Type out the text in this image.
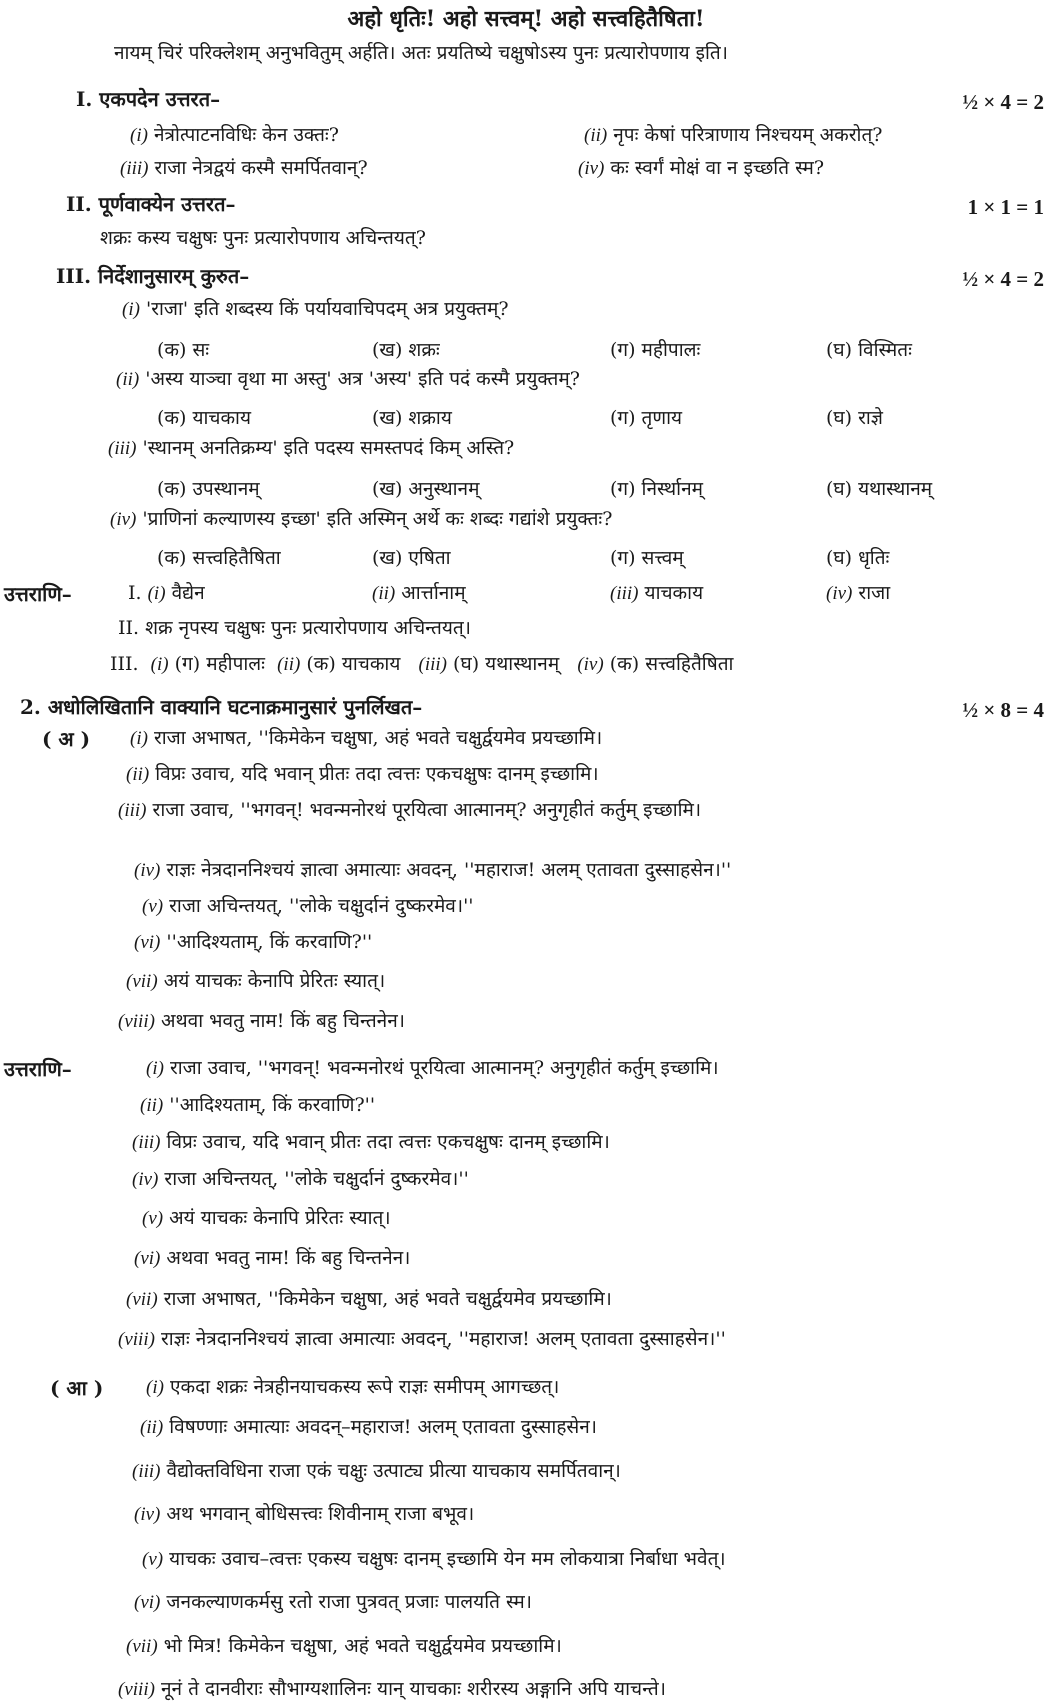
अहो धृतिः! अहो सत्त्वम्! अहो सत्त्वहितैषिता!
नायम् चिरं परिक्लेशम् अनुभवितुम् अर्हति। अतः प्रयतिष्ये चक्षुषोऽस्य पुनः प्रत्यारोपणाय इति।
I. एकपदेन उत्तरत–	½ × 4 = 2
(i) नेत्रोत्पाटनविधिः केन उक्तः?	(ii) नृपः केषां परित्राणाय निश्चयम् अकरोत्?
(iii) राजा नेत्रद्वयं कस्मै समर्पितवान्?	(iv) कः स्वर्गं मोक्षं वा न इच्छति स्म?
II. पूर्णवाक्येन उत्तरत–	1 × 1 = 1
शक्रः कस्य चक्षुषः पुनः प्रत्यारोपणाय अचिन्तयत्?
III. निर्देशानुसारम् कुरुत–	½ × 4 = 2
(i) 'राजा' इति शब्दस्य किं पर्यायवाचिपदम् अत्र प्रयुक्तम्?
(क) सः	(ख) शक्रः	(ग) महीपालः	(घ) विस्मितः
(ii) 'अस्य याञ्चा वृथा मा अस्तु' अत्र 'अस्य' इति पदं कस्मै प्रयुक्तम्?
(क) याचकाय	(ख) शक्राय	(ग) तृणाय	(घ) राज्ञे
(iii) 'स्थानम् अनतिक्रम्य' इति पदस्य समस्तपदं किम् अस्ति?
(क) उपस्थानम्	(ख) अनुस्थानम्	(ग) निर्स्थानम्	(घ) यथास्थानम्
(iv) 'प्राणिनां कल्याणस्य इच्छा' इति अस्मिन् अर्थे कः शब्दः गद्यांशे प्रयुक्तः?
(क) सत्त्वहितैषिता	(ख) एषिता	(ग) सत्त्वम्	(घ) धृतिः
उत्तराणि–	I. (i) वैद्येन	(ii) आर्त्तानाम्	(iii) याचकाय	(iv) राजा
II. शक्र नृपस्य चक्षुषः पुनः प्रत्यारोपणाय अचिन्तयत्।
III. (i) (ग) महीपालः (ii) (क) याचकाय (iii) (घ) यथास्थानम् (iv) (क) सत्त्वहितैषिता
2. अधोलिखितानि वाक्यानि घटनाक्रमानुसारं पुनर्लिखत–	½ × 8 = 4
( अ ) (i) राजा अभाषत, ''किमेकेन चक्षुषा, अहं भवते चक्षुर्द्वयमेव प्रयच्छामि।
(ii) विप्रः उवाच, यदि भवान् प्रीतः तदा त्वत्तः एकचक्षुषः दानम् इच्छामि।
(iii) राजा उवाच, ''भगवन्! भवन्मनोरथं पूरयित्वा आत्मानम्? अनुगृहीतं कर्तुम् इच्छामि।
(iv) राज्ञः नेत्रदाननिश्चयं ज्ञात्वा अमात्याः अवदन्, ''महाराज! अलम् एतावता दुस्साहसेन।''
(v) राजा अचिन्तयत्, ''लोके चक्षुर्दानं दुष्करमेव।''
(vi) ''आदिश्यताम्, किं करवाणि?''
(vii) अयं याचकः केनापि प्रेरितः स्यात्।
(viii) अथवा भवतु नाम! किं बहु चिन्तनेन।
उत्तराणि–	(i) राजा उवाच, ''भगवन्! भवन्मनोरथं पूरयित्वा आत्मानम्? अनुगृहीतं कर्तुम् इच्छामि।
(ii) ''आदिश्यताम्, किं करवाणि?''
(iii) विप्रः उवाच, यदि भवान् प्रीतः तदा त्वत्तः एकचक्षुषः दानम् इच्छामि।
(iv) राजा अचिन्तयत्, ''लोके चक्षुर्दानं दुष्करमेव।''
(v) अयं याचकः केनापि प्रेरितः स्यात्।
(vi) अथवा भवतु नाम! किं बहु चिन्तनेन।
(vii) राजा अभाषत, ''किमेकेन चक्षुषा, अहं भवते चक्षुर्द्वयमेव प्रयच्छामि।
(viii) राज्ञः नेत्रदाननिश्चयं ज्ञात्वा अमात्याः अवदन्, ''महाराज! अलम् एतावता दुस्साहसेन।''
( आ ) (i) एकदा शक्रः नेत्रहीनयाचकस्य रूपे राज्ञः समीपम् आगच्छत्।
(ii) विषण्णाः अमात्याः अवदन्–महाराज! अलम् एतावता दुस्साहसेन।
(iii) वैद्योक्तविधिना राजा एकं चक्षुः उत्पाट्य प्रीत्या याचकाय समर्पितवान्।
(iv) अथ भगवान् बोधिसत्त्वः शिवीनाम् राजा बभूव।
(v) याचकः उवाच–त्वत्तः एकस्य चक्षुषः दानम् इच्छामि येन मम लोकयात्रा निर्बाधा भवेत्।
(vi) जनकल्याणकर्मसु रतो राजा पुत्रवत् प्रजाः पालयति स्म।
(vii) भो मित्र! किमेकेन चक्षुषा, अहं भवते चक्षुर्द्वयमेव प्रयच्छामि।
(viii) नूनं ते दानवीराः सौभाग्यशालिनः यान् याचकाः शरीरस्य अङ्गानि अपि याचन्ते।
